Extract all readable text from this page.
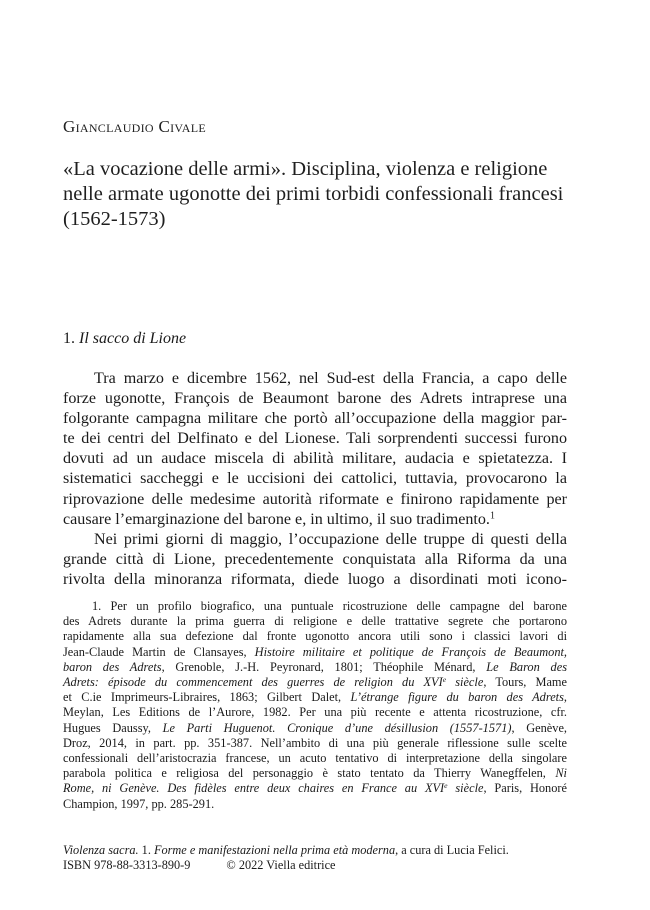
Gianclaudio Civale
«La vocazione delle armi». Disciplina, violenza e religione
nelle armate ugonotte dei primi torbidi confessionali francesi
(1562-1573)
1. Il sacco di Lione
Tra marzo e dicembre 1562, nel Sud-est della Francia, a capo delle
forze ugonotte, François de Beaumont barone des Adrets intraprese una
folgorante campagna militare che portò all’occupazione della maggior par-
te dei centri del Delfinato e del Lionese. Tali sorprendenti successi furono
dovuti ad un audace miscela di abilità militare, audacia e spietatezza. I
sistematici saccheggi e le uccisioni dei cattolici, tuttavia, provocarono la
riprovazione delle medesime autorità riformate e finirono rapidamente per
causare l’emarginazione del barone e, in ultimo, il suo tradimento.$^1$
Nei primi giorni di maggio, l’occupazione delle truppe di questi della
grande città di Lione, precedentemente conquistata alla Riforma da una
rivolta della minoranza riformata, diede luogo a disordinati moti icono-
1. Per un profilo biografico, una puntuale ricostruzione delle campagne del barone
des Adrets durante la prima guerra di religione e delle trattative segrete che portarono
rapidamente alla sua defezione dal fronte ugonotto ancora utili sono i classici lavori di
Jean-Claude Martin de Clansayes, Histoire militaire et politique de François de Beaumont,
baron des Adrets, Grenoble, J.-H. Peyronard, 1801; Théophile Ménard, Le Baron des
Adrets: épisode du commencement des guerres de religion du XVIe siècle, Tours, Mame
et C.ie Imprimeurs-Libraires, 1863; Gilbert Dalet, L’étrange figure du baron des Adrets,
Meylan, Les Editions de l’Aurore, 1982. Per una più recente e attenta ricostruzione, cfr.
Hugues Daussy, Le Parti Huguenot. Cronique d’une désillusion (1557-1571), Genève,
Droz, 2014, in part. pp. 351-387. Nell’ambito di una più generale riflessione sulle scelte
confessionali dell’aristocrazia francese, un acuto tentativo di interpretazione della singolare
parabola politica e religiosa del personaggio è stato tentato da Thierry Wanegffelen, Ni
Rome, ni Genève. Des fidèles entre deux chaires en France au XVIe siècle, Paris, Honoré
Champion, 1997, pp. 285-291.
Violenza sacra. 1. Forme e manifestazioni nella prima età moderna, a cura di Lucia Felici.
ISBN 978-88-3313-890-9	© 2022 Viella editrice
